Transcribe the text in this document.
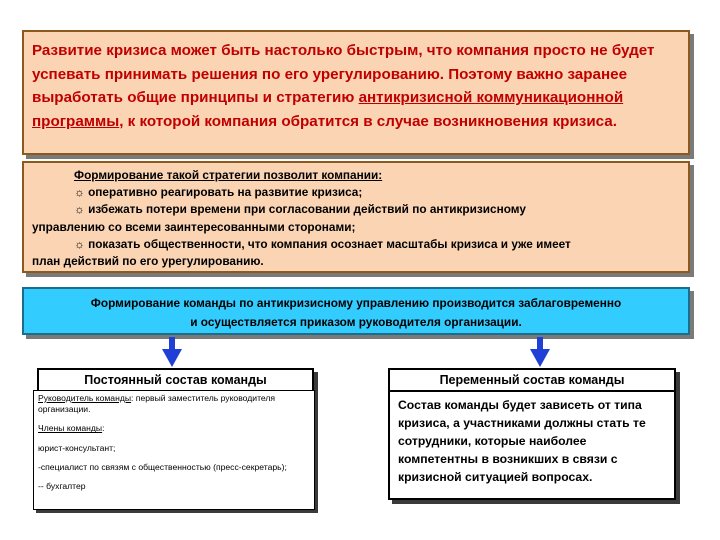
Развитие кризиса может быть настолько быстрым, что компания просто не будет успевать принимать решения по его урегулированию. Поэтому важно заранее выработать общие принципы и стратегию антикризисной коммуникационной программы, к которой компания обратится в случае возникновения кризиса.

Формирование такой стратегии позволит компании:
☼ оперативно реагировать на развитие кризиса;
☼ избежать потери времени при согласовании действий по антикризисному
управлению со всеми заинтересованными сторонами;
☼ показать общественности, что компания осознает масштабы кризиса и уже имеет
план действий по его урегулированию.
Формирование команды по антикризисному управлению производится заблаговременно
и осуществляется приказом руководителя организации.
Постоянный состав команды
Руководитель команды: первый заместитель руководителя организации.
Члены команды:
юрист-консультант;
-специалист по связям с общественностью (пресс-секретарь);
-- бухгалтер
Переменный состав команды
Состав команды будет зависеть от типа кризиса, а участниками должны стать те сотрудники, которые наиболее компетентны в возникших в связи с кризисной ситуацией вопросах.
